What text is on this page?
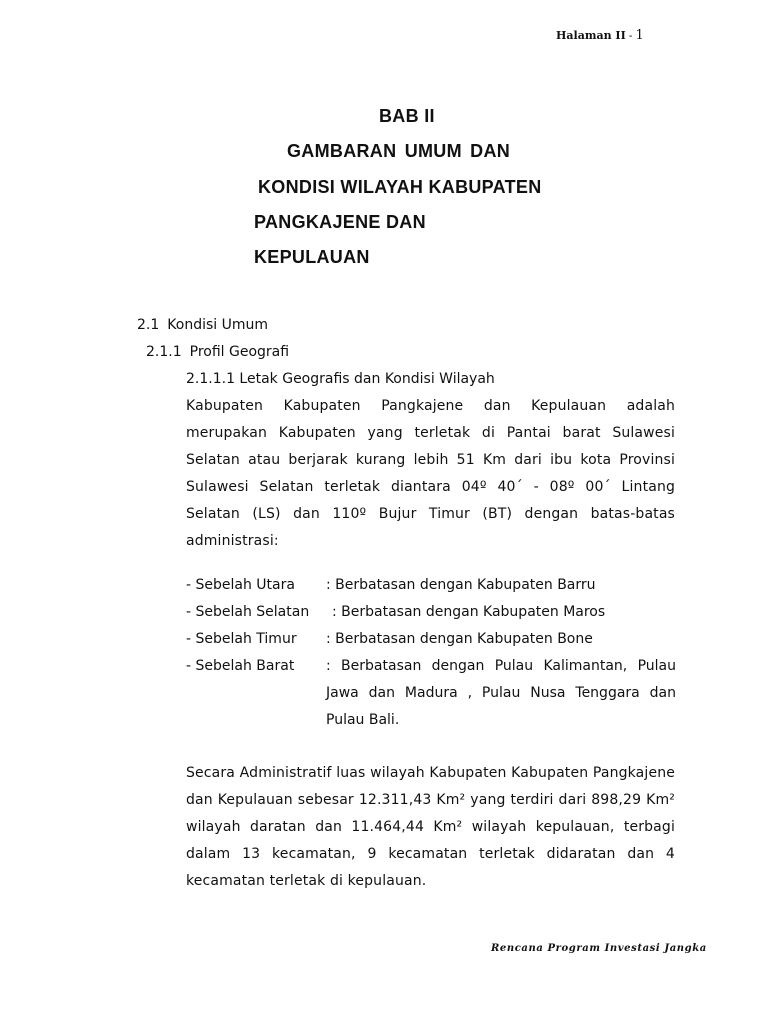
Halaman II - 1
BAB II
GAMBARAN UMUM DAN
KONDISI WILAYAH KABUPATEN
PANGKAJENE DAN
KEPULAUAN
2.1 Kondisi Umum
2.1.1 Profil Geografi
2.1.1.1 Letak Geografis dan Kondisi Wilayah
Kabupaten Kabupaten Pangkajene dan Kepulauan adalah merupakan Kabupaten yang terletak di Pantai barat Sulawesi Selatan atau berjarak kurang lebih 51 Km dari ibu kota Provinsi Sulawesi Selatan terletak diantara 04º 40´ - 08º 00´ Lintang Selatan (LS) dan 110º Bujur Timur (BT) dengan batas-batas administrasi:
- Sebelah Utara	: Berbatasan dengan Kabupaten Barru
- Sebelah Selatan	: Berbatasan dengan Kabupaten Maros
- Sebelah Timur	: Berbatasan dengan Kabupaten Bone
- Sebelah Barat	: Berbatasan dengan Pulau Kalimantan, Pulau Jawa dan Madura , Pulau Nusa Tenggara dan Pulau Bali.
Secara Administratif luas wilayah Kabupaten Kabupaten Pangkajene dan Kepulauan sebesar 12.311,43 Km² yang terdiri dari 898,29 Km² wilayah daratan dan 11.464,44 Km² wilayah kepulauan, terbagi dalam 13 kecamatan, 9 kecamatan terletak didaratan dan 4 kecamatan terletak di kepulauan.
Rencana Program Investasi Jangka
